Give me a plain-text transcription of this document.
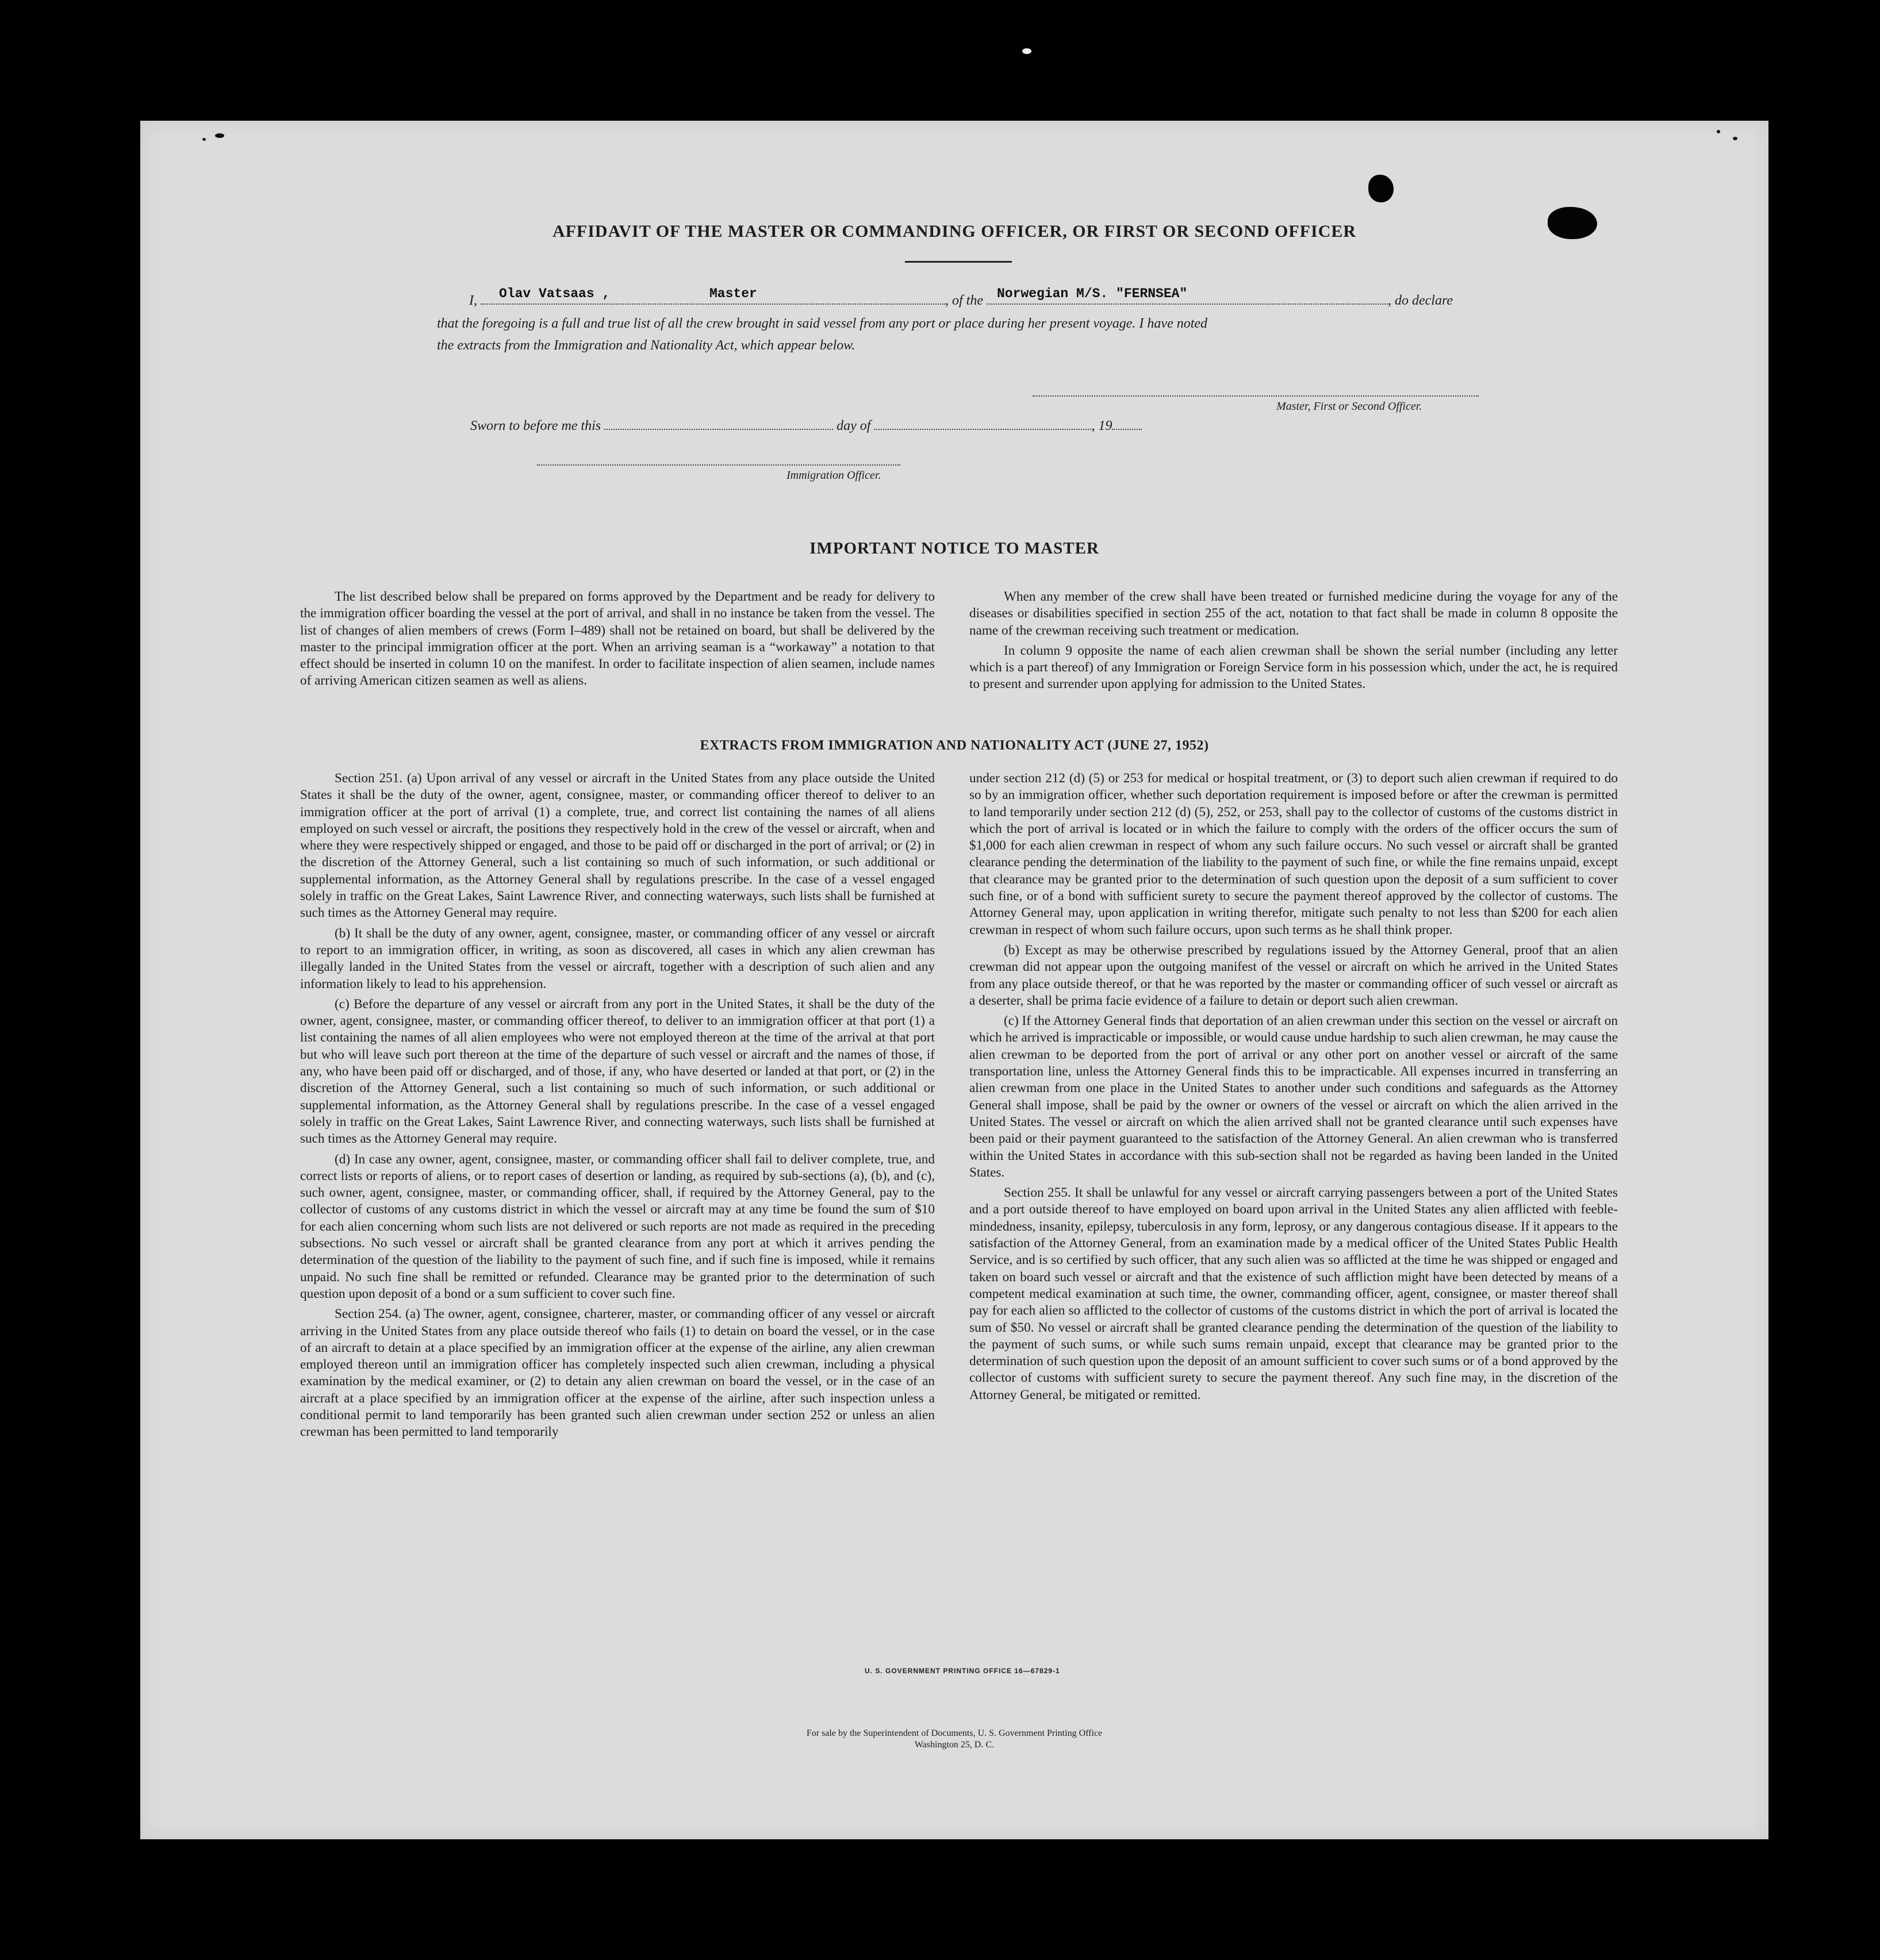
AFFIDAVIT OF THE MASTER OR COMMANDING OFFICER, OR FIRST OR SECOND OFFICER
I,	, of the	, do declare
Olav Vatsaas ,	Master	Norwegian M/S. "FERNSEA"
that the foregoing is a full and true list of all the crew brought in said vessel from any port or place during her present voyage. I have noted
the extracts from the Immigration and Nationality Act, which appear below.
Master, First or Second Officer.
Sworn to before me this	day of	, 19
Immigration Officer.
IMPORTANT NOTICE TO MASTER

The list described below shall be prepared on forms approved by the Department and be ready for delivery to the immigration officer boarding the vessel at the port of arrival, and shall in no instance be taken from the vessel. The list of changes of alien members of crews (Form I–489) shall not be retained on board, but shall be delivered by the master to the principal immigration officer at the port. When an arriving seaman is a “workaway” a notation to that effect should be inserted in column 10 on the manifest. In order to facilitate inspection of alien seamen, include names of arriving American citizen seamen as well as aliens.

When any member of the crew shall have been treated or furnished medicine during the voyage for any of the diseases or disabilities specified in section 255 of the act, notation to that fact shall be made in column 8 opposite the name of the crewman receiving such treatment or medication.

In column 9 opposite the name of each alien crewman shall be shown the serial number (including any letter which is a part thereof) of any Immigration or Foreign Service form in his possession which, under the act, he is required to present and surrender upon applying for admission to the United States.

EXTRACTS FROM IMMIGRATION AND NATIONALITY ACT (JUNE 27, 1952)

Section 251. (a) Upon arrival of any vessel or aircraft in the United States from any place outside the United States it shall be the duty of the owner, agent, consignee, master, or commanding officer thereof to deliver to an immigration officer at the port of arrival (1) a complete, true, and correct list containing the names of all aliens employed on such vessel or aircraft, the positions they respectively hold in the crew of the vessel or aircraft, when and where they were respectively shipped or engaged, and those to be paid off or discharged in the port of arrival; or (2) in the discretion of the Attorney General, such a list containing so much of such information, or such additional or supplemental information, as the Attorney General shall by regulations prescribe. In the case of a vessel engaged solely in traffic on the Great Lakes, Saint Lawrence River, and connecting waterways, such lists shall be furnished at such times as the Attorney General may require.

(b) It shall be the duty of any owner, agent, consignee, master, or commanding officer of any vessel or aircraft to report to an immigration officer, in writing, as soon as discovered, all cases in which any alien crewman has illegally landed in the United States from the vessel or aircraft, together with a description of such alien and any information likely to lead to his apprehension.

(c) Before the departure of any vessel or aircraft from any port in the United States, it shall be the duty of the owner, agent, consignee, master, or commanding officer thereof, to deliver to an immigration officer at that port (1) a list containing the names of all alien employees who were not employed thereon at the time of the arrival at that port but who will leave such port thereon at the time of the departure of such vessel or aircraft and the names of those, if any, who have been paid off or discharged, and of those, if any, who have deserted or landed at that port, or (2) in the discretion of the Attorney General, such a list containing so much of such information, or such additional or supplemental information, as the Attorney General shall by regulations prescribe. In the case of a vessel engaged solely in traffic on the Great Lakes, Saint Lawrence River, and connecting waterways, such lists shall be furnished at such times as the Attorney General may require.

(d) In case any owner, agent, consignee, master, or commanding officer shall fail to deliver complete, true, and correct lists or reports of aliens, or to report cases of desertion or landing, as required by sub-sections (a), (b), and (c), such owner, agent, consignee, master, or commanding officer, shall, if required by the Attorney General, pay to the collector of customs of any customs district in which the vessel or aircraft may at any time be found the sum of $10 for each alien concerning whom such lists are not delivered or such reports are not made as required in the preceding subsections. No such vessel or aircraft shall be granted clearance from any port at which it arrives pending the determination of the question of the liability to the payment of such fine, and if such fine is imposed, while it remains unpaid. No such fine shall be remitted or refunded. Clearance may be granted prior to the determination of such question upon deposit of a bond or a sum sufficient to cover such fine.

Section 254. (a) The owner, agent, consignee, charterer, master, or commanding officer of any vessel or aircraft arriving in the United States from any place outside thereof who fails (1) to detain on board the vessel, or in the case of an aircraft to detain at a place specified by an immigration officer at the expense of the airline, any alien crewman employed thereon until an immigration officer has completely inspected such alien crewman, including a physical examination by the medical examiner, or (2) to detain any alien crewman on board the vessel, or in the case of an aircraft at a place specified by an immigration officer at the expense of the airline, after such inspection unless a conditional permit to land temporarily has been granted such alien crewman under section 252 or unless an alien crewman has been permitted to land temporarily

under section 212 (d) (5) or 253 for medical or hospital treatment, or (3) to deport such alien crewman if required to do so by an immigration officer, whether such deportation requirement is imposed before or after the crewman is permitted to land temporarily under section 212 (d) (5), 252, or 253, shall pay to the collector of customs of the customs district in which the port of arrival is located or in which the failure to comply with the orders of the officer occurs the sum of $1,000 for each alien crewman in respect of whom any such failure occurs. No such vessel or aircraft shall be granted clearance pending the determination of the liability to the payment of such fine, or while the fine remains unpaid, except that clearance may be granted prior to the determination of such question upon the deposit of a sum sufficient to cover such fine, or of a bond with sufficient surety to secure the payment thereof approved by the collector of customs. The Attorney General may, upon application in writing therefor, mitigate such penalty to not less than $200 for each alien crewman in respect of whom such failure occurs, upon such terms as he shall think proper.

(b) Except as may be otherwise prescribed by regulations issued by the Attorney General, proof that an alien crewman did not appear upon the outgoing manifest of the vessel or aircraft on which he arrived in the United States from any place outside thereof, or that he was reported by the master or commanding officer of such vessel or aircraft as a deserter, shall be prima facie evidence of a failure to detain or deport such alien crewman.

(c) If the Attorney General finds that deportation of an alien crewman under this section on the vessel or aircraft on which he arrived is impracticable or impossible, or would cause undue hardship to such alien crewman, he may cause the alien crewman to be deported from the port of arrival or any other port on another vessel or aircraft of the same transportation line, unless the Attorney General finds this to be impracticable. All expenses incurred in transferring an alien crewman from one place in the United States to another under such conditions and safeguards as the Attorney General shall impose, shall be paid by the owner or owners of the vessel or aircraft on which the alien arrived in the United States. The vessel or aircraft on which the alien arrived shall not be granted clearance until such expenses have been paid or their payment guaranteed to the satisfaction of the Attorney General. An alien crewman who is transferred within the United States in accordance with this sub-section shall not be regarded as having been landed in the United States.

Section 255. It shall be unlawful for any vessel or aircraft carrying passengers between a port of the United States and a port outside thereof to have employed on board upon arrival in the United States any alien afflicted with feeble-mindedness, insanity, epilepsy, tuberculosis in any form, leprosy, or any dangerous contagious disease. If it appears to the satisfaction of the Attorney General, from an examination made by a medical officer of the United States Public Health Service, and is so certified by such officer, that any such alien was so afflicted at the time he was shipped or engaged and taken on board such vessel or aircraft and that the existence of such affliction might have been detected by means of a competent medical examination at such time, the owner, commanding officer, agent, consignee, or master thereof shall pay for each alien so afflicted to the collector of customs of the customs district in which the port of arrival is located the sum of $50. No vessel or aircraft shall be granted clearance pending the determination of the question of the liability to the payment of such sums, or while such sums remain unpaid, except that clearance may be granted prior to the determination of such question upon the deposit of an amount sufficient to cover such sums or of a bond approved by the collector of customs with sufficient surety to secure the payment thereof. Any such fine may, in the discretion of the Attorney General, be mitigated or remitted.

U. S. GOVERNMENT PRINTING OFFICE 16—67829-1
For sale by the Superintendent of Documents, U. S. Government Printing Office
Washington 25, D. C.
